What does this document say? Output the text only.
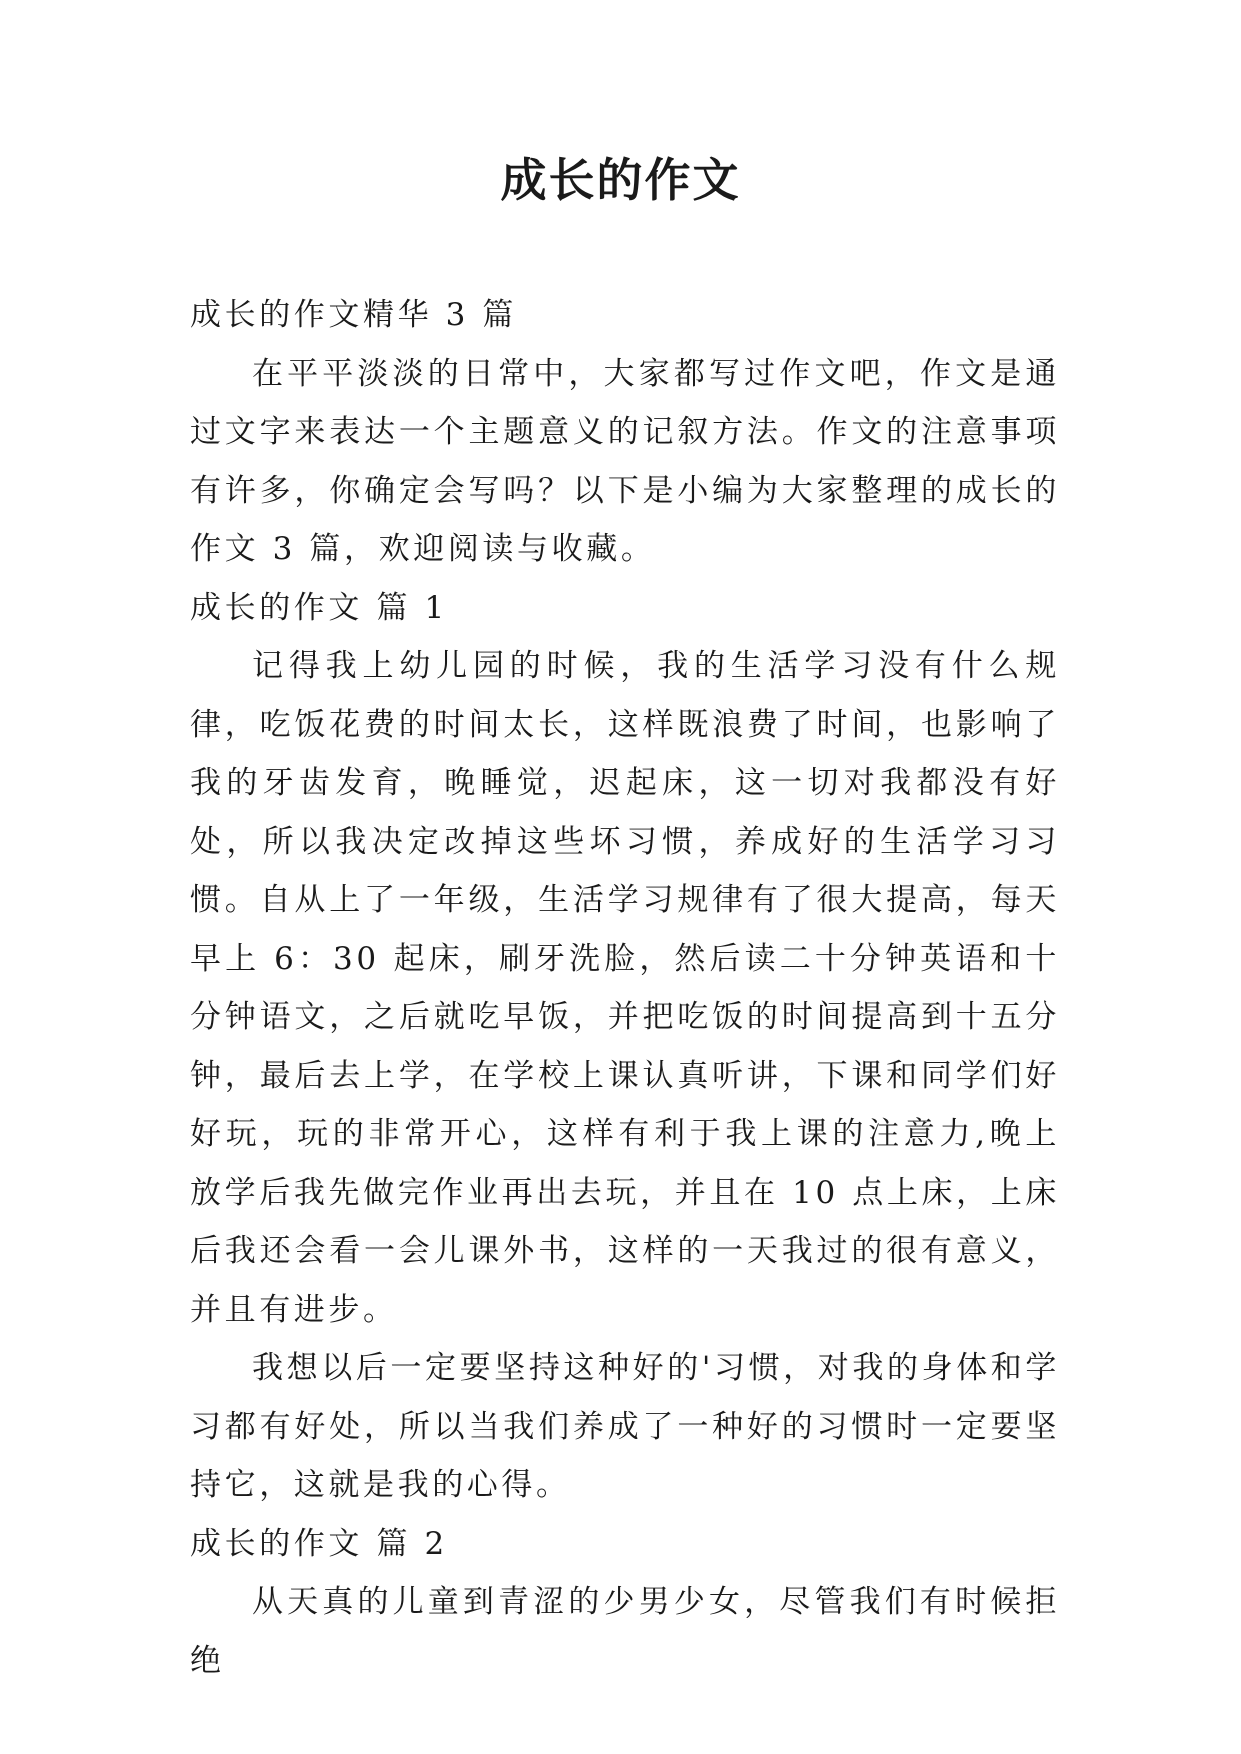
成长的作文

成长的作文精华 3 篇

在平平淡淡的日常中，大家都写过作文吧，作文是通过文字来表达一个主题意义的记叙方法。作文的注意事项有许多，你确定会写吗？以下是小编为大家整理的成长的作文 3 篇，欢迎阅读与收藏。

成长的作文 篇 1

记得我上幼儿园的时候，我的生活学习没有什么规律，吃饭花费的时间太长，这样既浪费了时间，也影响了我的牙齿发育，晚睡觉，迟起床，这一切对我都没有好处，所以我决定改掉这些坏习惯，养成好的生活学习习惯。自从上了一年级，生活学习规律有了很大提高，每天早上 6：30 起床，刷牙洗脸，然后读二十分钟英语和十分钟语文，之后就吃早饭，并把吃饭的时间提高到十五分钟，最后去上学，在学校上课认真听讲，下课和同学们好好玩，玩的非常开心，这样有利于我上课的注意力,晚上放学后我先做完作业再出去玩，并且在 10 点上床，上床后我还会看一会儿课外书，这样的一天我过的很有意义，并且有进步。

我想以后一定要坚持这种好的'习惯，对我的身体和学习都有好处，所以当我们养成了一种好的习惯时一定要坚持它，这就是我的心得。

成长的作文 篇 2

从天真的儿童到青涩的少男少女，尽管我们有时候拒绝
